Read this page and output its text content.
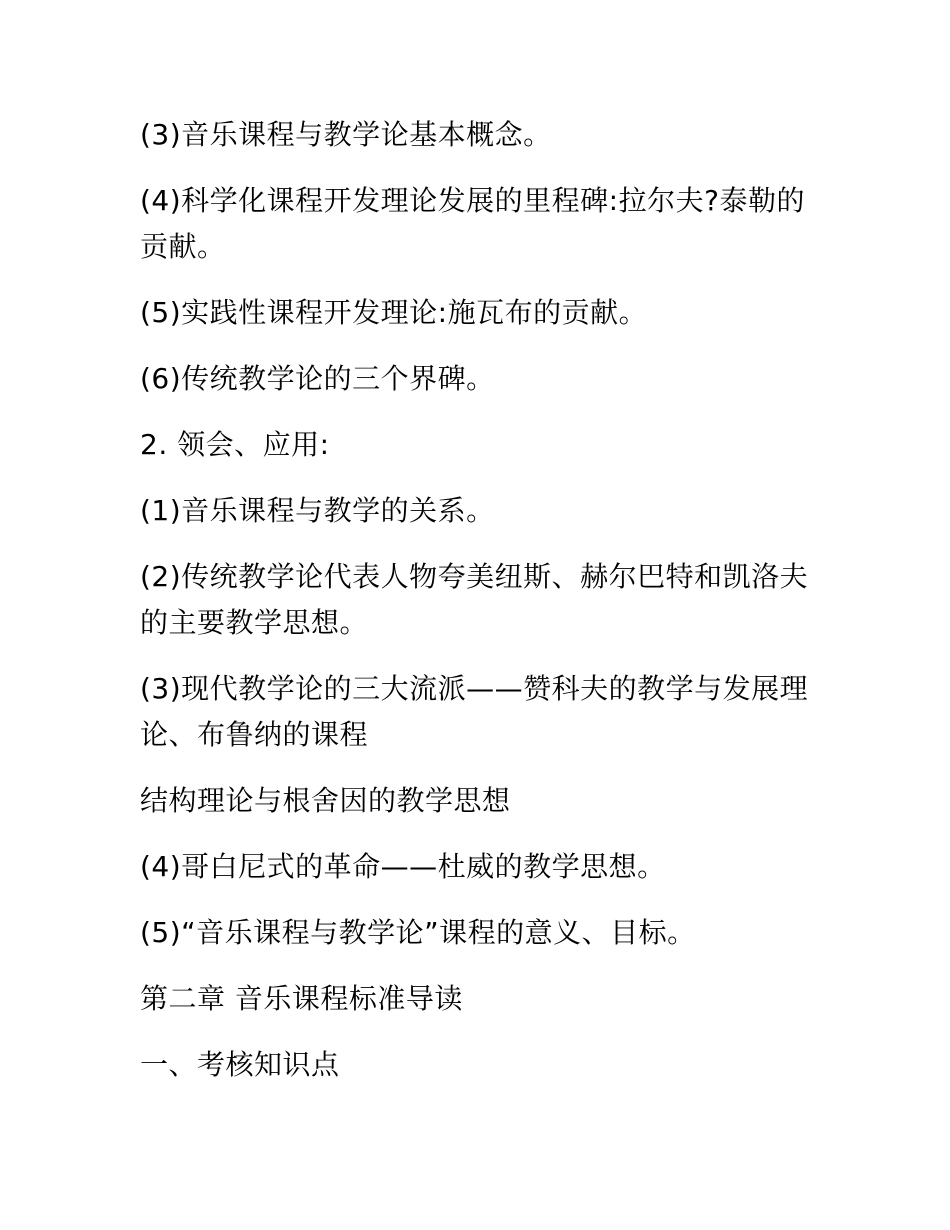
(3)音乐课程与教学论基本概念。

(4)科学化课程开发理论发展的里程碑:拉尔夫?泰勒的贡献。

(5)实践性课程开发理论:施瓦布的贡献。

(6)传统教学论的三个界碑。

2. 领会、应用:

(1)音乐课程与教学的关系。

(2)传统教学论代表人物夸美纽斯、赫尔巴特和凯洛夫的主要教学思想。

(3)现代教学论的三大流派——赞科夫的教学与发展理论、布鲁纳的课程

结构理论与根舍因的教学思想

(4)哥白尼式的革命——杜威的教学思想。

(5)“音乐课程与教学论”课程的意义、目标。

第二章 音乐课程标准导读

一、考核知识点
